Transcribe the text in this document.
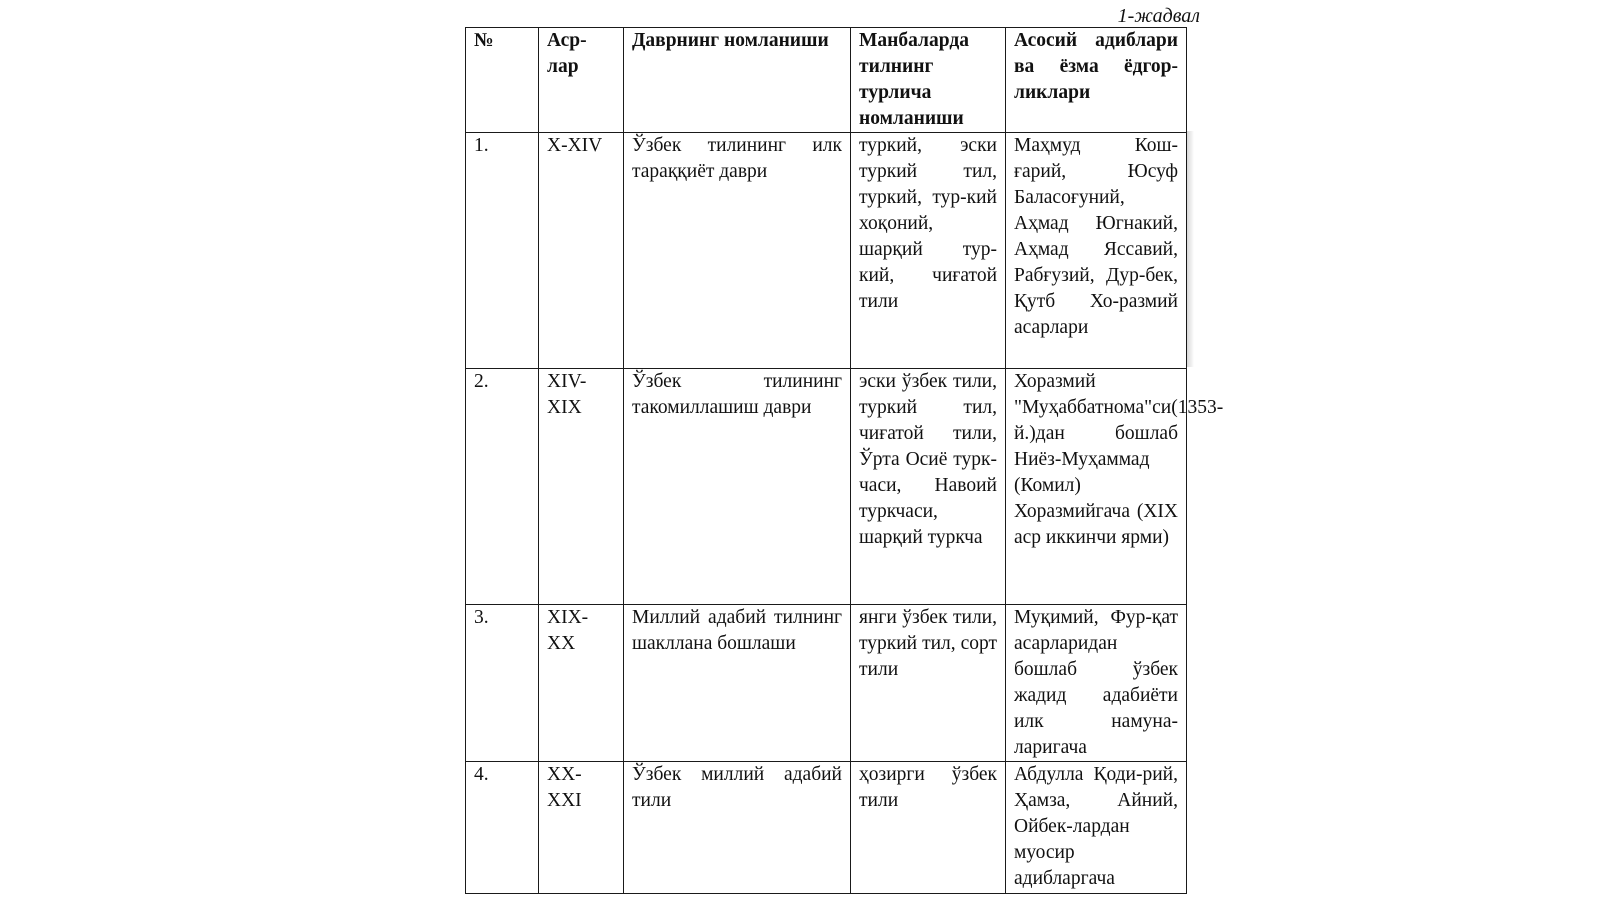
1-жадвал
№	Аср-лар	Даврнинг номланиши	Манбаларда тилнинг турлича номланиши	Асосий адиблари ва ёзма ёдгор-ликлари
1.	X-XIV	Ўзбек тилининг илк тараққиёт даври	туркий, эски туркий тил, туркий, тур-кий хоқоний, шарқий тур-кий, чиғатой тили	Маҳмуд Кош-ғарий, Юсуф Баласоғуний, Аҳмад Югнакий, Аҳмад Яссавий, Рабғузий, Дур-бек, Қутб Хо-размий асарлари
2.	XIV-XIX	Ўзбек тилининг такомиллашиш даври	эски ўзбек тили, туркий тил, чиғатой тили, Ўрта Осиё турк-часи, Навоий туркчаси, шарқий туркча	Хоразмий "Муҳаббатнома"си(1353-й.)дан бошлаб Ниёз-Муҳаммад (Комил) Хоразмийгача (XIX аср иккинчи ярми)
3.	XIX-XX	Миллий адабий тилнинг шакллана бошлаши	янги ўзбек тили, туркий тил, сорт тили	Муқимий, Фур-қат асарларидан бошлаб ўзбек жадид адабиёти илк намуна-ларигача
4.	XX-XXI	Ўзбек миллий адабий тили	ҳозирги ўзбек тили	Абдулла Қоди-рий, Ҳамза, Айний, Ойбек-лардан муосир адибларгача
